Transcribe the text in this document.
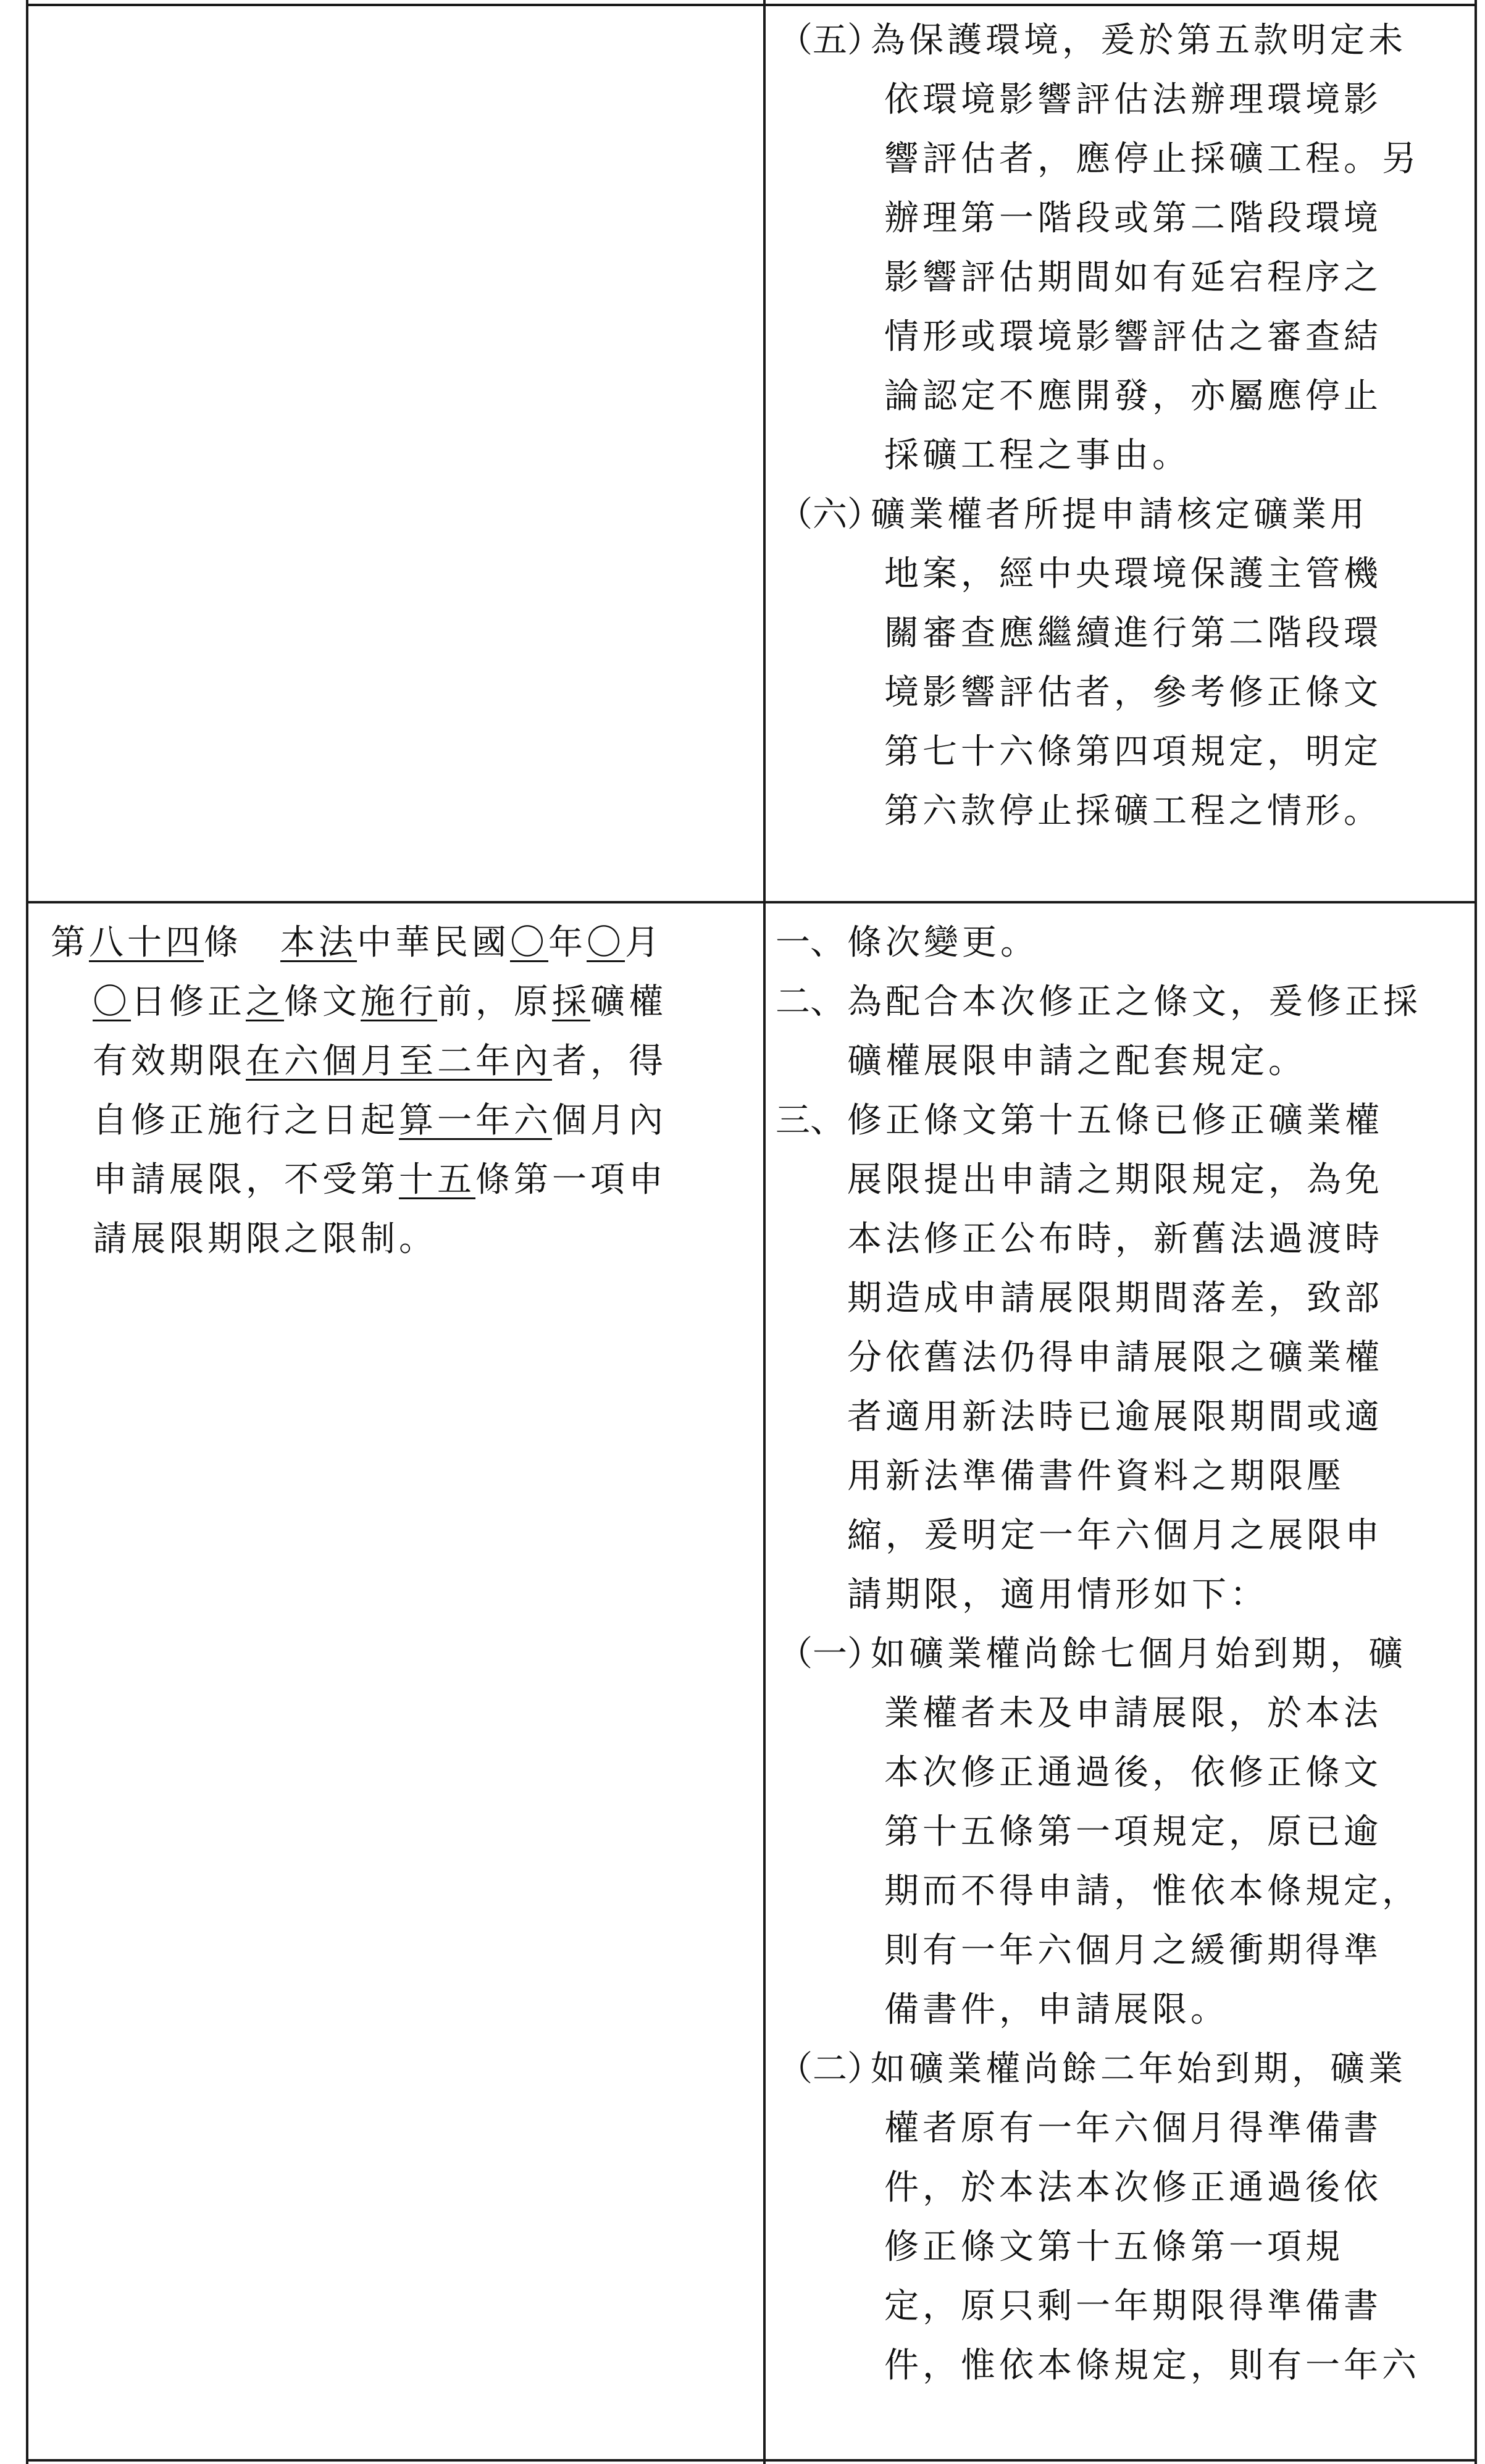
（五）
為保護環境，爰於第五款明定未
依環境影響評估法辦理環境影
響評估者，應停止採礦工程。另
辦理第一階段或第二階段環境
影響評估期間如有延宕程序之
情形或環境影響評估之審查結
論認定不應開發，亦屬應停止
採礦工程之事由。
（六）
礦業權者所提申請核定礦業用
地案，經中央環境保護主管機
關審查應繼續進行第二階段環
境影響評估者，參考修正條文
第七十六條第四項規定，明定
第六款停止採礦工程之情形。
第八十四條　本法中華民國〇年〇月
〇日修正之條文施行前，原採礦權
有效期限在六個月至二年內者，得
自修正施行之日起算一年六個月內
申請展限，不受第十五條第一項申
請展限期限之限制。
一、 條次變更。
二、 為配合本次修正之條文，爰修正採
礦權展限申請之配套規定。
三、 修正條文第十五條已修正礦業權
展限提出申請之期限規定，為免
本法修正公布時，新舊法過渡時
期造成申請展限期間落差，致部
分依舊法仍得申請展限之礦業權
者適用新法時已逾展限期間或適
用新法準備書件資料之期限壓
縮，爰明定一年六個月之展限申
請期限，適用情形如下：
（一）
如礦業權尚餘七個月始到期，礦
業權者未及申請展限，於本法
本次修正通過後，依修正條文
第十五條第一項規定，原已逾
期而不得申請，惟依本條規定，
則有一年六個月之緩衝期得準
備書件，申請展限。
（二）
如礦業權尚餘二年始到期，礦業
權者原有一年六個月得準備書
件，於本法本次修正通過後依
修正條文第十五條第一項規
定，原只剩一年期限得準備書
件，惟依本條規定，則有一年六
